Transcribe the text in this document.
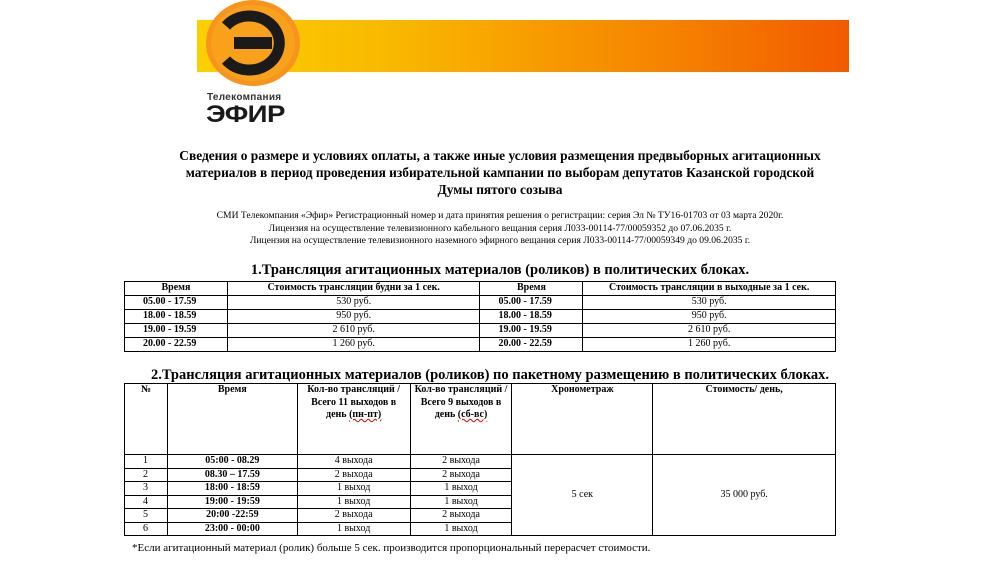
Телекомпания
ЭФИР
Сведения о размере и условиях оплаты, а также иные условия размещения предвыборных агитационных
материалов в период проведения избирательной кампании по выборам депутатов Казанской городской
Думы пятого созыва
СМИ Телекомпания «Эфир» Регистрационный номер и дата принятия решения о регистрации: серия Эл № ТУ16-01703 от 03 марта 2020г.
Лицензия на осуществление телевизионного кабельного вещания серия Л033-00114-77/00059352 до 07.06.2035 г.
Лицензия на осуществление телевизионного наземного эфирного вещания серия Л033-00114-77/00059349 до 09.06.2035 г.
1.Трансляция агитационных материалов (роликов) в политических блоках.
Время	Стоимость трансляции будни за 1 сек.	Время	Стоимость трансляции в выходные за 1 сек.
05.00 - 17.59	530 руб.	05.00 - 17.59	530 руб.
18.00 - 18.59	950 руб.	18.00 - 18.59	950 руб.
19.00 - 19.59	2 610 руб.	19.00 - 19.59	2 610 руб.
20.00 - 22.59	1 260 руб.	20.00 - 22.59	1 260 руб.
2.Трансляция агитационных материалов (роликов) по пакетному размещению в политических блоках.
№	Время	Кол-во трансляций / Всего 11 выходов в день (пн-пт)	Кол-во трансляций / Всего 9 выходов в день (сб-вс)	Хронометраж	Стоимость/ день,
1	05:00 - 08.29	4 выхода	2 выхода	5 сек	35 000 руб.
2	08.30 – 17.59	2 выхода	2 выхода		
3	18:00 - 18:59	1 выход	1 выход		
4	19:00 - 19:59	1 выход	1 выход		
5	20:00 -22:59	2 выхода	2 выхода		
6	23:00 - 00:00	1 выход	1 выход		
*Если агитационный материал (ролик) больше 5 сек. производится пропорциональный перерасчет стоимости.
